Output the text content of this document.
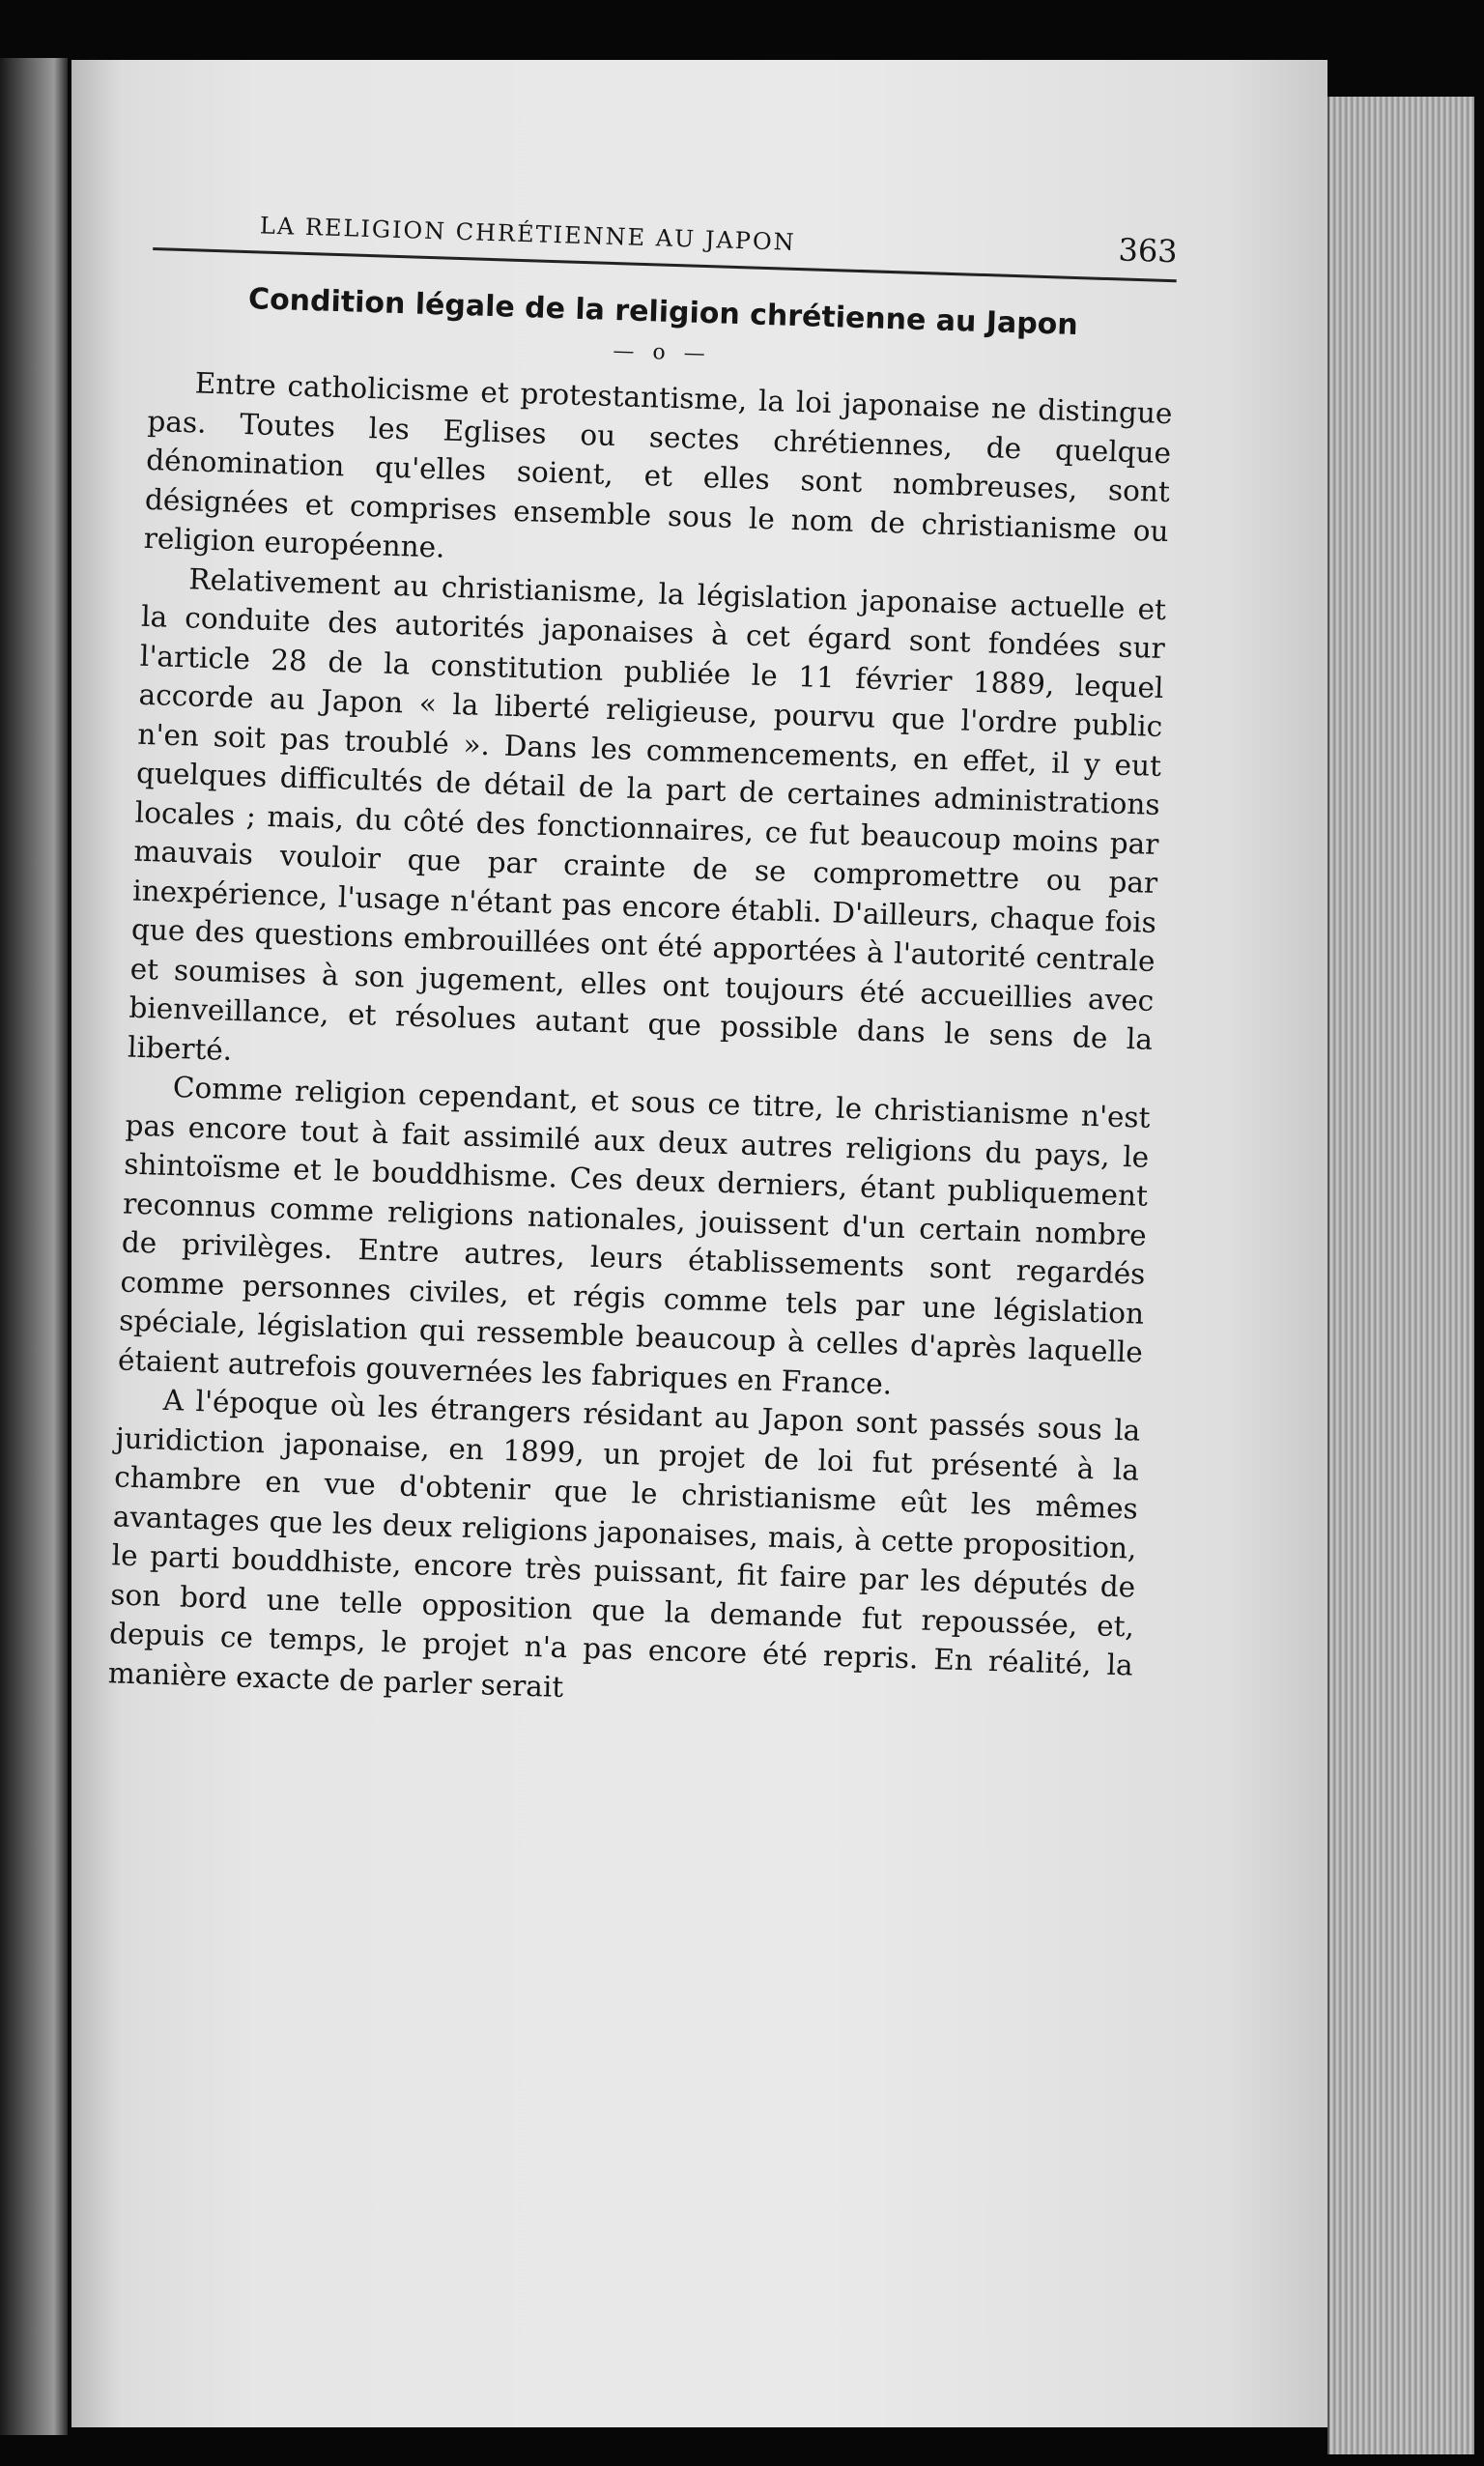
LA RELIGION CHRÉTIENNE AU JAPON	363
Condition légale de la religion chrétienne au Japon
— o —

Entre catholicisme et protestantisme, la loi japonaise ne distingue pas. Toutes les Eglises ou sectes chrétiennes, de quelque dénomination qu'elles soient, et elles sont nombreuses, sont désignées et comprises ensemble sous le nom de christianisme ou religion européenne.

Relativement au christianisme, la législation japonaise actuelle et la conduite des autorités japonaises à cet égard sont fondées sur l'article 28 de la constitution publiée le 11 février 1889, lequel accorde au Japon « la liberté religieuse, pourvu que l'ordre public n'en soit pas troublé ». Dans les commencements, en effet, il y eut quelques difficultés de détail de la part de certaines administrations locales ; mais, du côté des fonctionnaires, ce fut beaucoup moins par mauvais vouloir que par crainte de se compromettre ou par inexpérience, l'usage n'étant pas encore établi. D'ailleurs, chaque fois que des questions embrouillées ont été apportées à l'autorité centrale et soumises à son jugement, elles ont toujours été accueillies avec bienveillance, et résolues autant que possible dans le sens de la liberté.

Comme religion cependant, et sous ce titre, le christianisme n'est pas encore tout à fait assimilé aux deux autres religions du pays, le shintoïsme et le bouddhisme. Ces deux derniers, étant publiquement reconnus comme religions nationales, jouissent d'un certain nombre de privilèges. Entre autres, leurs établissements sont regardés comme personnes civiles, et régis comme tels par une législation spéciale, législation qui ressemble beaucoup à celles d'après laquelle étaient autrefois gouvernées les fabriques en France.

A l'époque où les étrangers résidant au Japon sont passés sous la juridiction japonaise, en 1899, un projet de loi fut présenté à la chambre en vue d'obtenir que le christianisme eût les mêmes avantages que les deux religions japonaises, mais, à cette proposition, le parti bouddhiste, encore très puissant, fit faire par les députés de son bord une telle opposition que la demande fut repoussée, et, depuis ce temps, le projet n'a pas encore été repris. En réalité, la manière exacte de parler serait
